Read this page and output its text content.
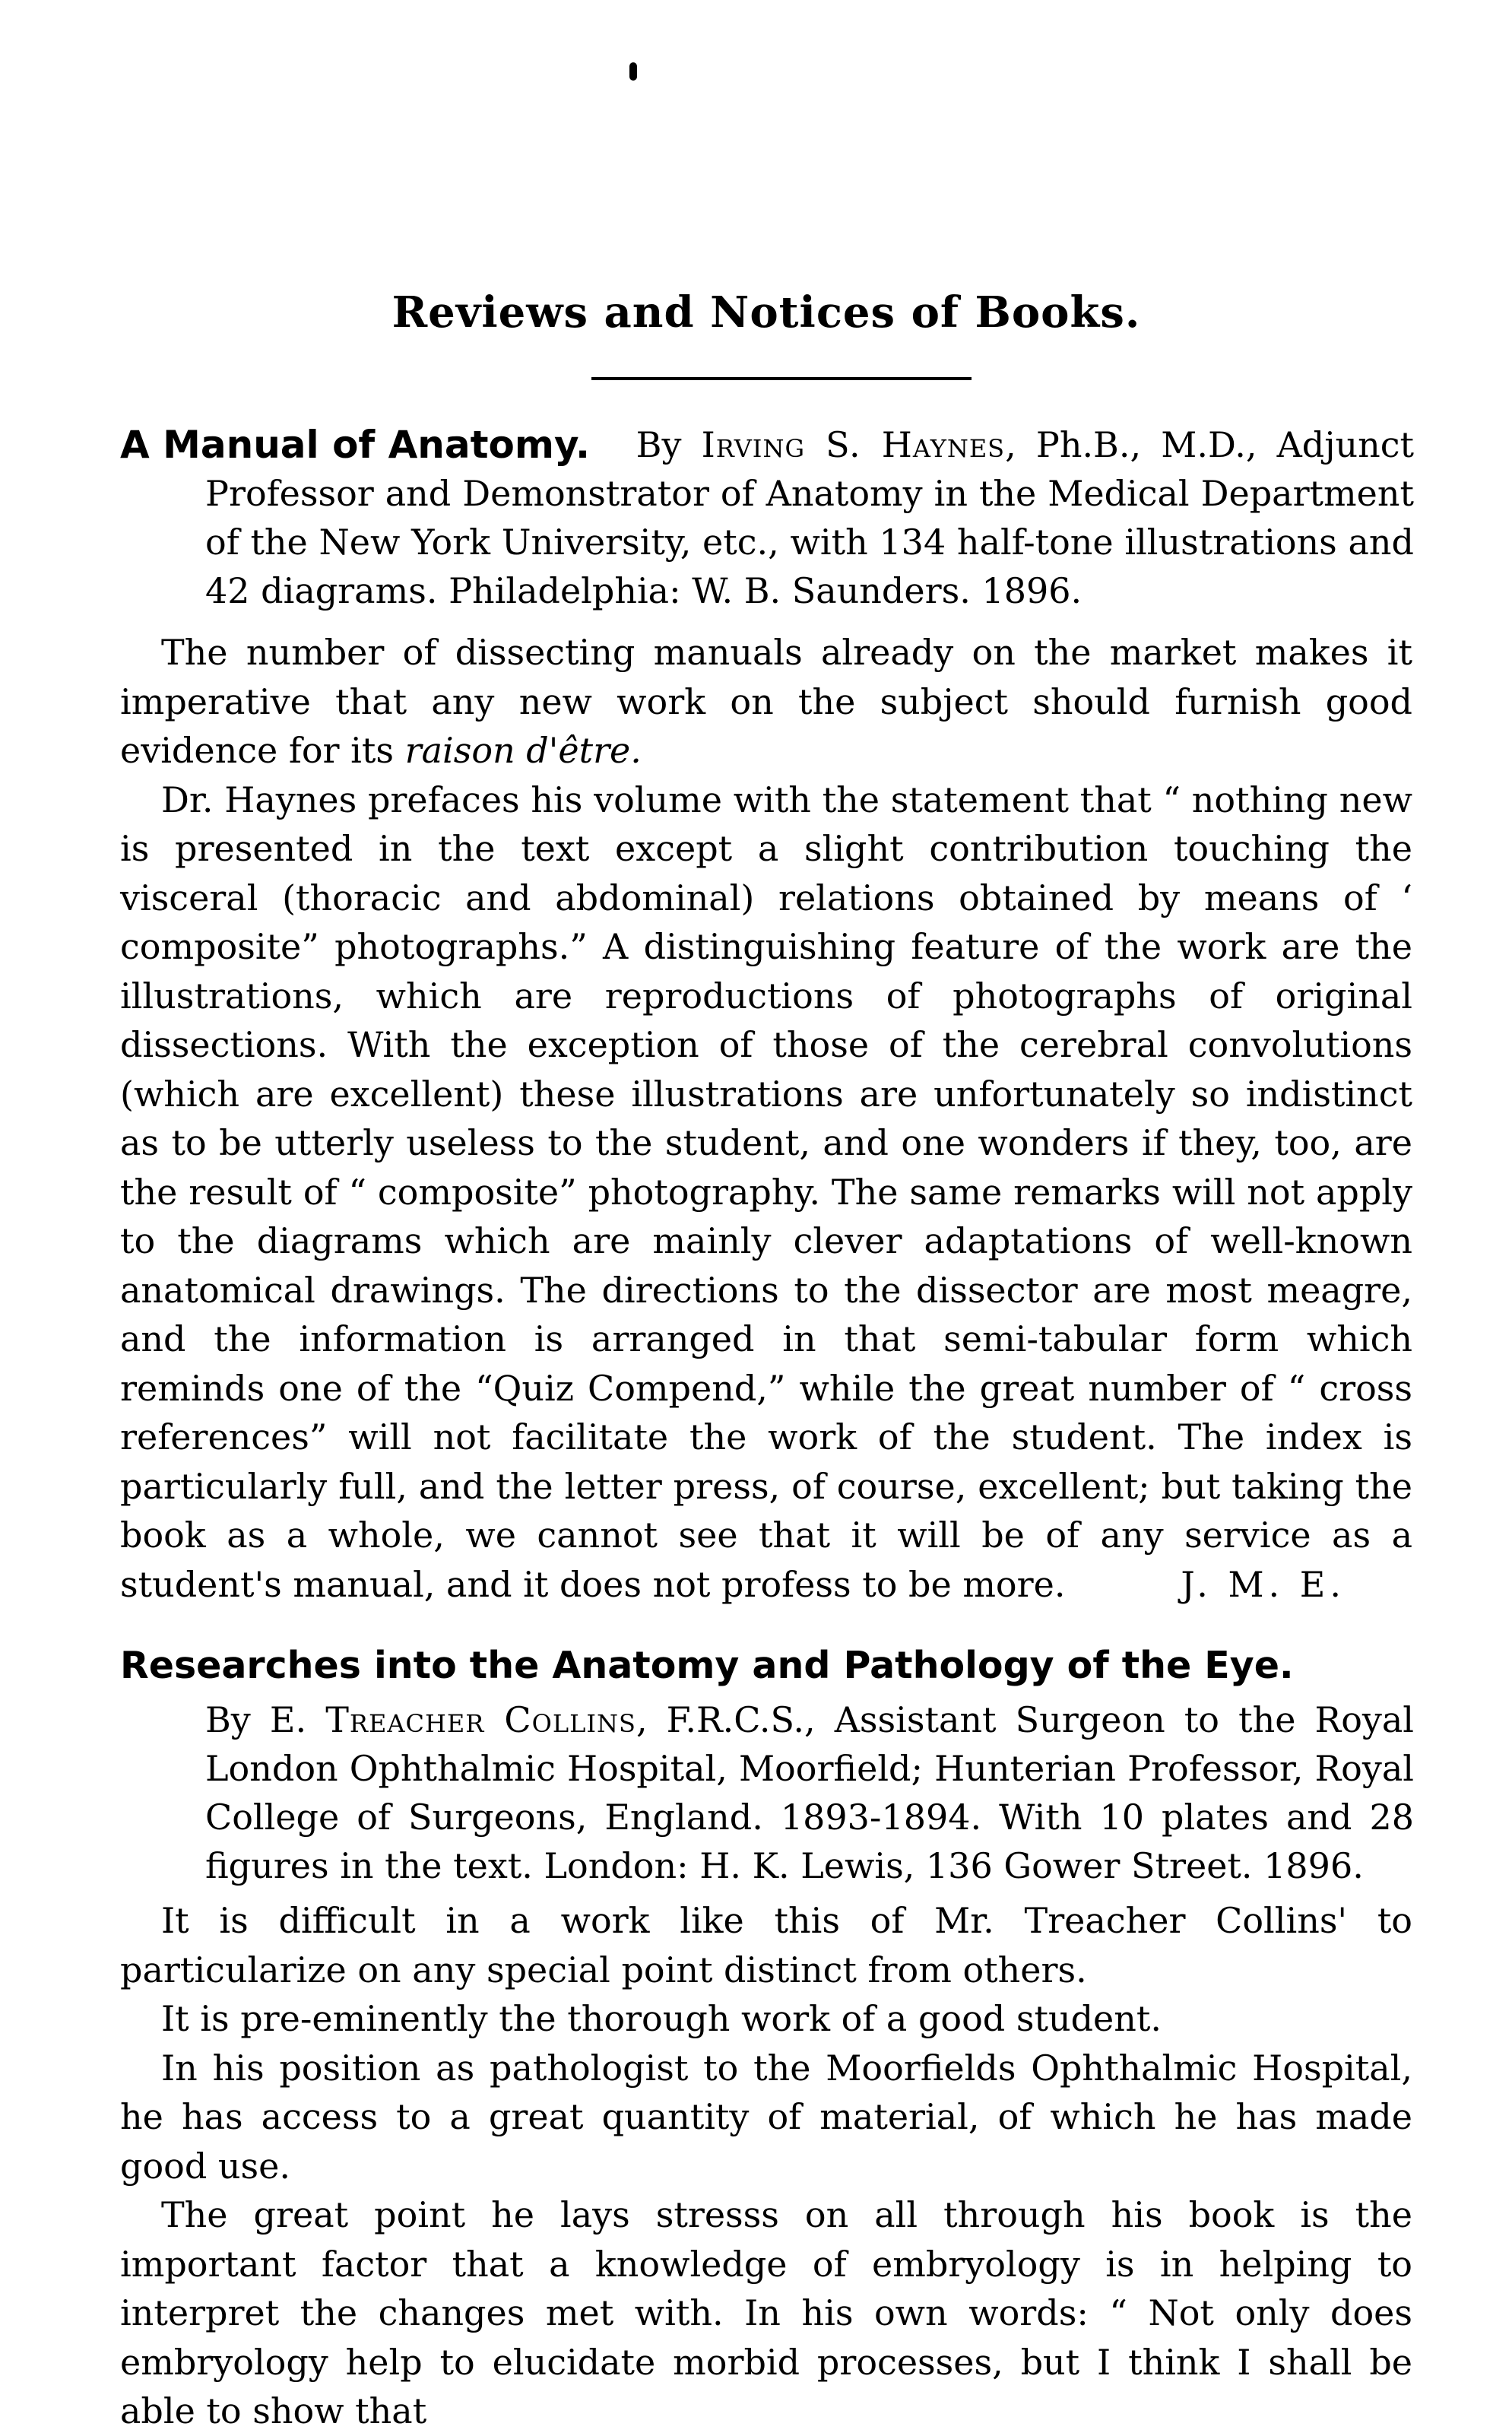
Reviews and Notices of Books.
A Manual of Anatomy.	By Irving S. Haynes, Ph.B., M.D., Adjunct Professor and Demonstrator of Anatomy in the Medical Department of the New York University, etc., with 134 half-tone illustrations and 42 diagrams. Philadelphia: W. B. Saunders. 1896.

The number of dissecting manuals already on the market makes it imperative that any new work on the subject should furnish good evidence for its raison d'être.

Dr. Haynes prefaces his volume with the statement that “ nothing new is presented in the text except a slight contribution touching the visceral (thoracic and abdominal) relations obtained by means of ‘ composite” photographs.” A distinguishing feature of the work are the illustrations, which are reproductions of photographs of original dissections. With the exception of those of the cerebral convolutions (which are excellent) these illustrations are unfortunately so indistinct as to be utterly useless to the student, and one wonders if they, too, are the result of “ composite” photography. The same remarks will not apply to the diagrams which are mainly clever adaptations of well-known anatomical drawings. The directions to the dissector are most meagre, and the information is arranged in that semi-tabular form which reminds one of the “Quiz Compend,” while the great number of “ cross references” will not facilitate the work of the student. The index is particularly full, and the letter press, of course, excellent; but taking the book as a whole, we cannot see that it will be of any service as a student's manual, and it does not profess to be more.	J. M. E.

Researches into the Anatomy and Pathology of the Eye.
By E. Treacher Collins, F.R.C.S., Assistant Surgeon to the Royal London Ophthalmic Hospital, Moorfield; Hunterian Professor, Royal College of Surgeons, England. 1893-1894. With 10 plates and 28 figures in the text. London: H. K. Lewis, 136 Gower Street. 1896.

It is difficult in a work like this of Mr. Treacher Collins' to particularize on any special point distinct from others.

It is pre-eminently the thorough work of a good student.

In his position as pathologist to the Moorfields Ophthalmic Hospital, he has access to a great quantity of material, of which he has made good use.

The great point he lays stresss on all through his book is the important factor that a knowledge of embryology is in helping to interpret the changes met with. In his own words: “ Not only does embryology help to elucidate morbid processes, but I think I shall be able to show that
